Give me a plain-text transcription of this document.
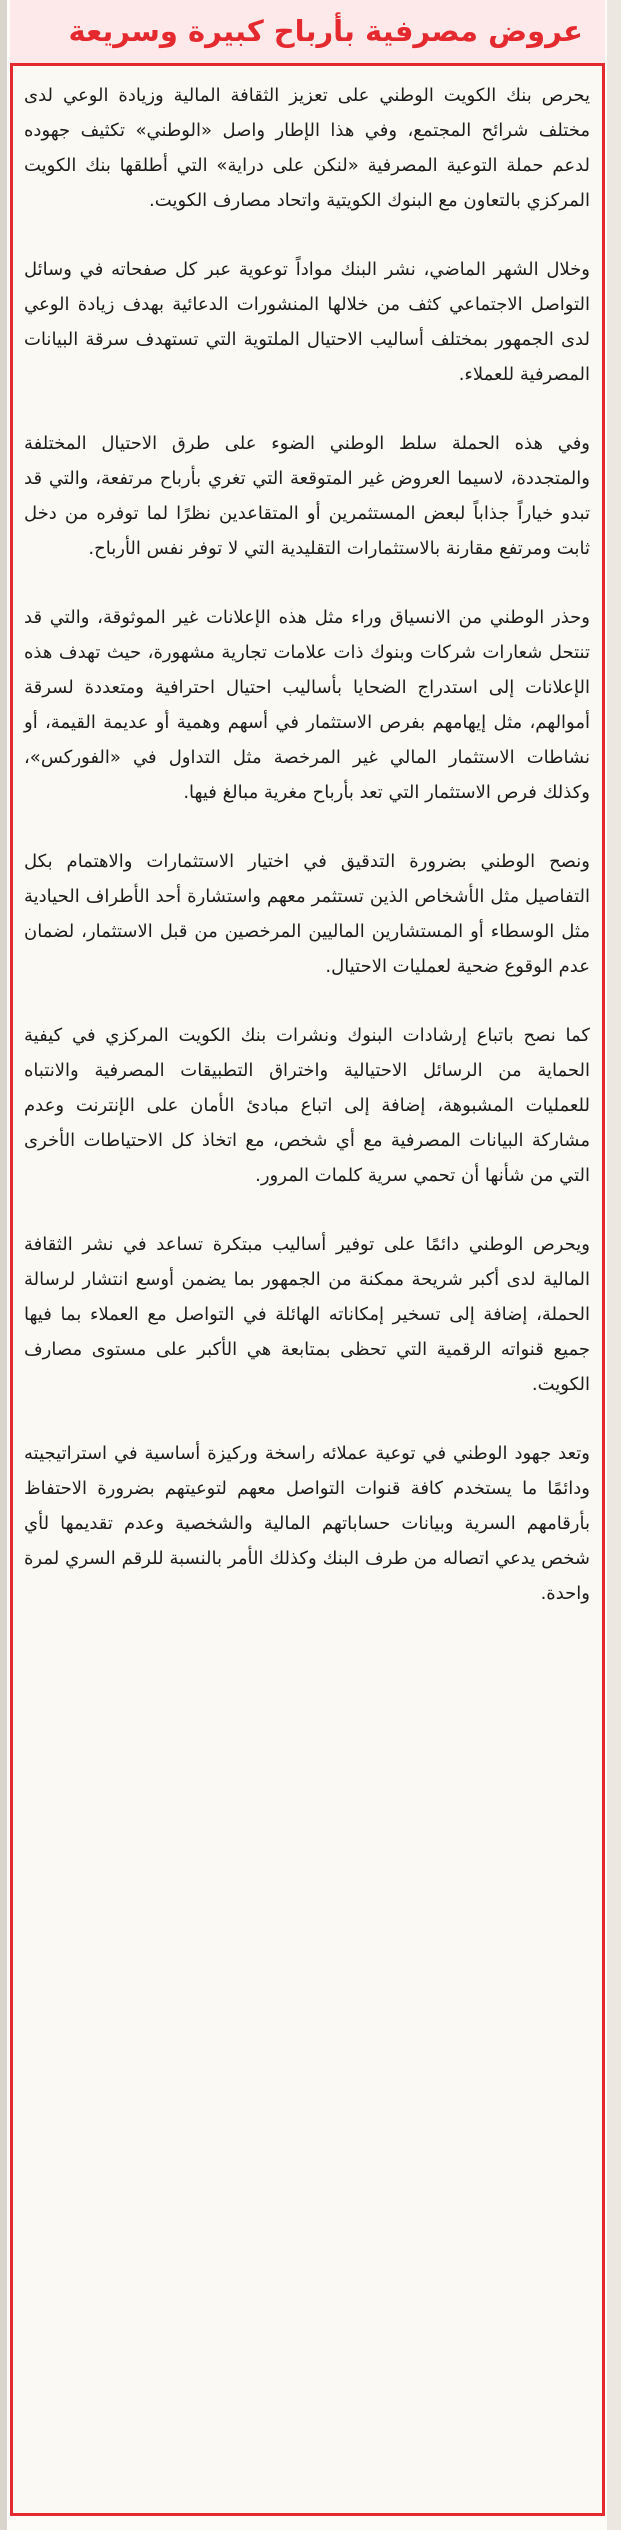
عروض مصرفية بأرباح كبيرة وسريعة

يحرص بنك الكويت الوطني على تعزيز الثقافة المالية وزيادة الوعي لدى مختلف شرائح المجتمع، وفي هذا الإطار واصل «الوطني» تكثيف جهوده لدعم حملة التوعية المصرفية «لنكن على دراية» التي أطلقها بنك الكويت المركزي بالتعاون مع البنوك الكويتية واتحاد مصارف الكويت.

وخلال الشهر الماضي، نشر البنك مواداً توعوية عبر كل صفحاته في وسائل التواصل الاجتماعي كثف من خلالها المنشورات الدعائية بهدف زيادة الوعي لدى الجمهور بمختلف أساليب الاحتيال الملتوية التي تستهدف سرقة البيانات المصرفية للعملاء.

وفي هذه الحملة سلط الوطني الضوء على طرق الاحتيال المختلفة والمتجددة، لاسيما العروض غير المتوقعة التي تغري بأرباح مرتفعة، والتي قد تبدو خياراً جذاباً لبعض المستثمرين أو المتقاعدين نظرًا لما توفره من دخل ثابت ومرتفع مقارنة بالاستثمارات التقليدية التي لا توفر نفس الأرباح.

وحذر الوطني من الانسياق وراء مثل هذه الإعلانات غير الموثوقة، والتي قد تنتحل شعارات شركات وبنوك ذات علامات تجارية مشهورة، حيث تهدف هذه الإعلانات إلى استدراج الضحايا بأساليب احتيال احترافية ومتعددة لسرقة أموالهم، مثل إيهامهم بفرص الاستثمار في أسهم وهمية أو عديمة القيمة، أو نشاطات الاستثمار المالي غير المرخصة مثل التداول في «الفوركس»، وكذلك فرص الاستثمار التي تعد بأرباح مغرية مبالغ فيها.

ونصح الوطني بضرورة التدقيق في اختيار الاستثمارات والاهتمام بكل التفاصيل مثل الأشخاص الذين تستثمر معهم واستشارة أحد الأطراف الحيادية مثل الوسطاء أو المستشارين الماليين المرخصين من قبل الاستثمار، لضمان عدم الوقوع ضحية لعمليات الاحتيال.

كما نصح باتباع إرشادات البنوك ونشرات بنك الكويت المركزي في كيفية الحماية من الرسائل الاحتيالية واختراق التطبيقات المصرفية والانتباه للعمليات المشبوهة، إضافة إلى اتباع مبادئ الأمان على الإنترنت وعدم مشاركة البيانات المصرفية مع أي شخص، مع اتخاذ كل الاحتياطات الأخرى التي من شأنها أن تحمي سرية كلمات المرور.

ويحرص الوطني دائمًا على توفير أساليب مبتكرة تساعد في نشر الثقافة المالية لدى أكبر شريحة ممكنة من الجمهور بما يضمن أوسع انتشار لرسالة الحملة، إضافة إلى تسخير إمكاناته الهائلة في التواصل مع العملاء بما فيها جميع قنواته الرقمية التي تحظى بمتابعة هي الأكبر على مستوى مصارف الكويت.

وتعد جهود الوطني في توعية عملائه راسخة وركيزة أساسية في استراتيجيته ودائمًا ما يستخدم كافة قنوات التواصل معهم لتوعيتهم بضرورة الاحتفاظ بأرقامهم السرية وبيانات حساباتهم المالية والشخصية وعدم تقديمها لأي شخص يدعي اتصاله من طرف البنك وكذلك الأمر بالنسبة للرقم السري لمرة واحدة.
